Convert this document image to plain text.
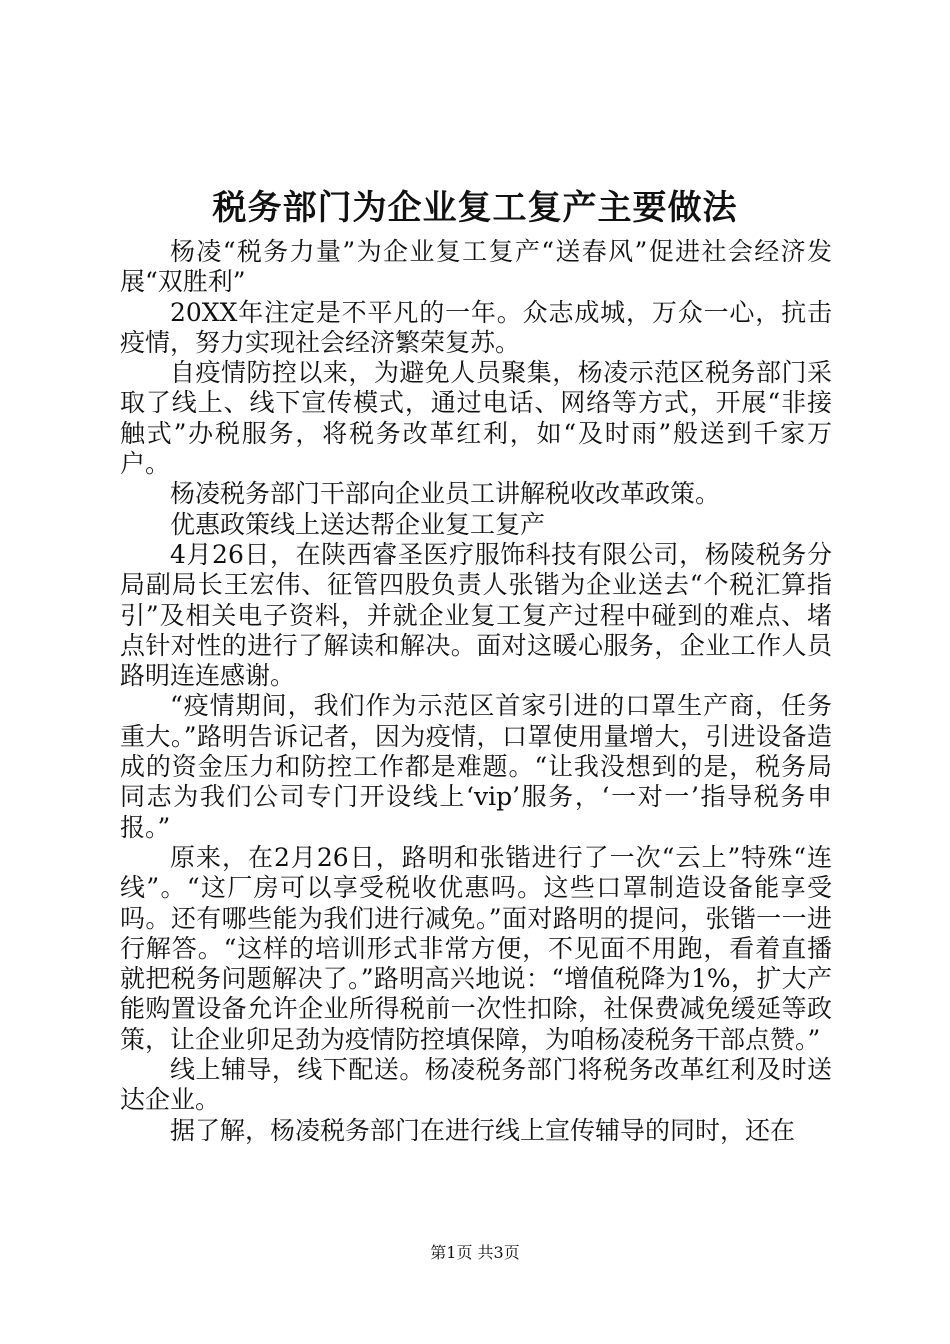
税务部门为企业复工复产主要做法

杨凌“税务力量”为企业复工复产“送春风”促进社会经济发展“双胜利”

20XX年注定是不平凡的一年。众志成城，万众一心，抗击疫情，努力实现社会经济繁荣复苏。

自疫情防控以来，为避免人员聚集，杨凌示范区税务部门采取了线上、线下宣传模式，通过电话、网络等方式，开展“非接触式”办税服务，将税务改革红利，如“及时雨”般送到千家万户。

杨凌税务部门干部向企业员工讲解税收改革政策。

优惠政策线上送达帮企业复工复产

4月26日，在陕西睿圣医疗服饰科技有限公司，杨陵税务分局副局长王宏伟、征管四股负责人张锴为企业送去“个税汇算指引”及相关电子资料，并就企业复工复产过程中碰到的难点、堵点针对性的进行了解读和解决。面对这暖心服务，企业工作人员路明连连感谢。

“疫情期间，我们作为示范区首家引进的口罩生产商，任务重大。”路明告诉记者，因为疫情，口罩使用量增大，引进设备造成的资金压力和防控工作都是难题。“让我没想到的是，税务局同志为我们公司专门开设线上‘vip’服务，‘一对一’指导税务申报。”

原来，在2月26日，路明和张锴进行了一次“云上”特殊“连线”。“这厂房可以享受税收优惠吗。这些口罩制造设备能享受吗。还有哪些能为我们进行减免。”面对路明的提问，张锴一一进行解答。“这样的培训形式非常方便，不见面不用跑，看着直播就把税务问题解决了。”路明高兴地说：“增值税降为1%，扩大产能购置设备允许企业所得税前一次性扣除，社保费减免缓延等政策，让企业卯足劲为疫情防控填保障，为咱杨凌税务干部点赞。”

线上辅导，线下配送。杨凌税务部门将税务改革红利及时送达企业。

据了解，杨凌税务部门在进行线上宣传辅导的同时，还在

第1页 共3页
